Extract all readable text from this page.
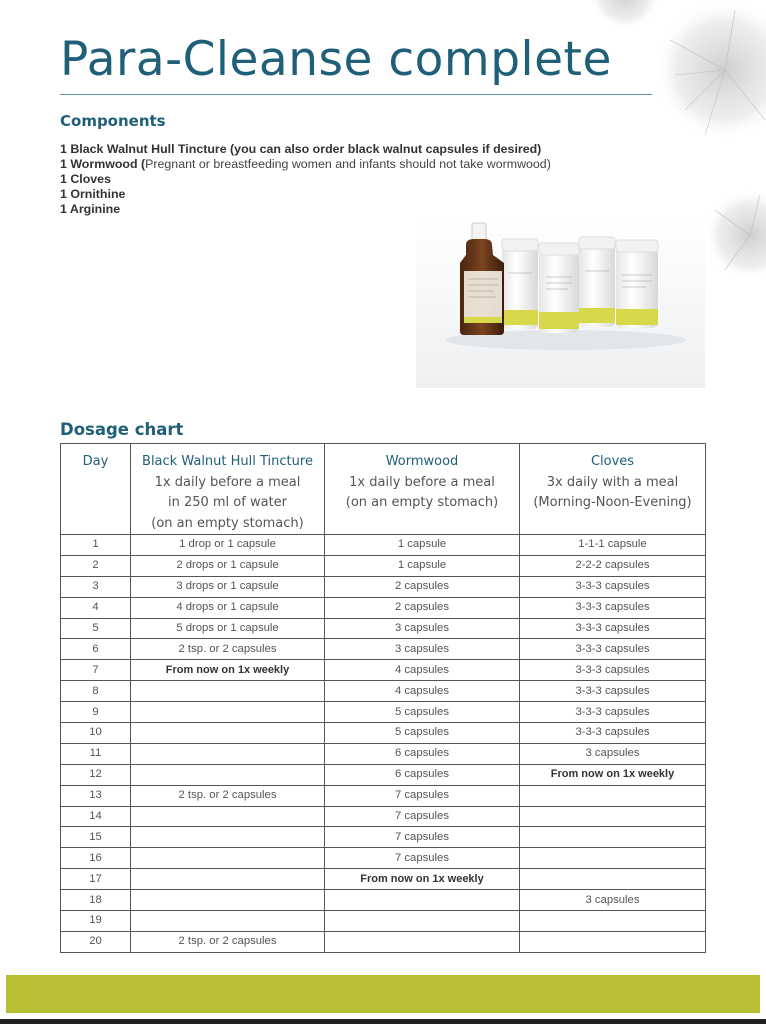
Para-Cleanse complete
Components
1 Black Walnut Hull Tincture (you can also order black walnut capsules if desired)
1 Wormwood (Pregnant or breastfeeding women and infants should not take wormwood)
1 Cloves
1 Ornithine
1 Arginine
Dosage chart
Day	Black Walnut Hull Tincture
1x daily before a meal
in 250 ml of water
(on an empty stomach)	Wormwood
1x daily before a meal
(on an empty stomach)	Cloves
3x daily with a meal
(Morning-Noon-Evening)

1	1 drop or 1 capsule	1 capsule	1-1-1 capsule
2	2 drops or 1 capsule	1 capsule	2-2-2 capsules
3	3 drops or 1 capsule	2 capsules	3-3-3 capsules
4	4 drops or 1 capsule	2 capsules	3-3-3 capsules
5	5 drops or 1 capsule	3 capsules	3-3-3 capsules
6	2 tsp. or 2 capsules	3 capsules	3-3-3 capsules
7	From now on 1x weekly	4 capsules	3-3-3 capsules
8		4 capsules	3-3-3 capsules
9		5 capsules	3-3-3 capsules
10		5 capsules	3-3-3 capsules
11		6 capsules	3 capsules
12		6 capsules	From now on 1x weekly
13	2 tsp. or 2 capsules	7 capsules	
14		7 capsules	
15		7 capsules	
16		7 capsules	
17		From now on 1x weekly	
18			3 capsules
19			
20	2 tsp. or 2 capsules		
